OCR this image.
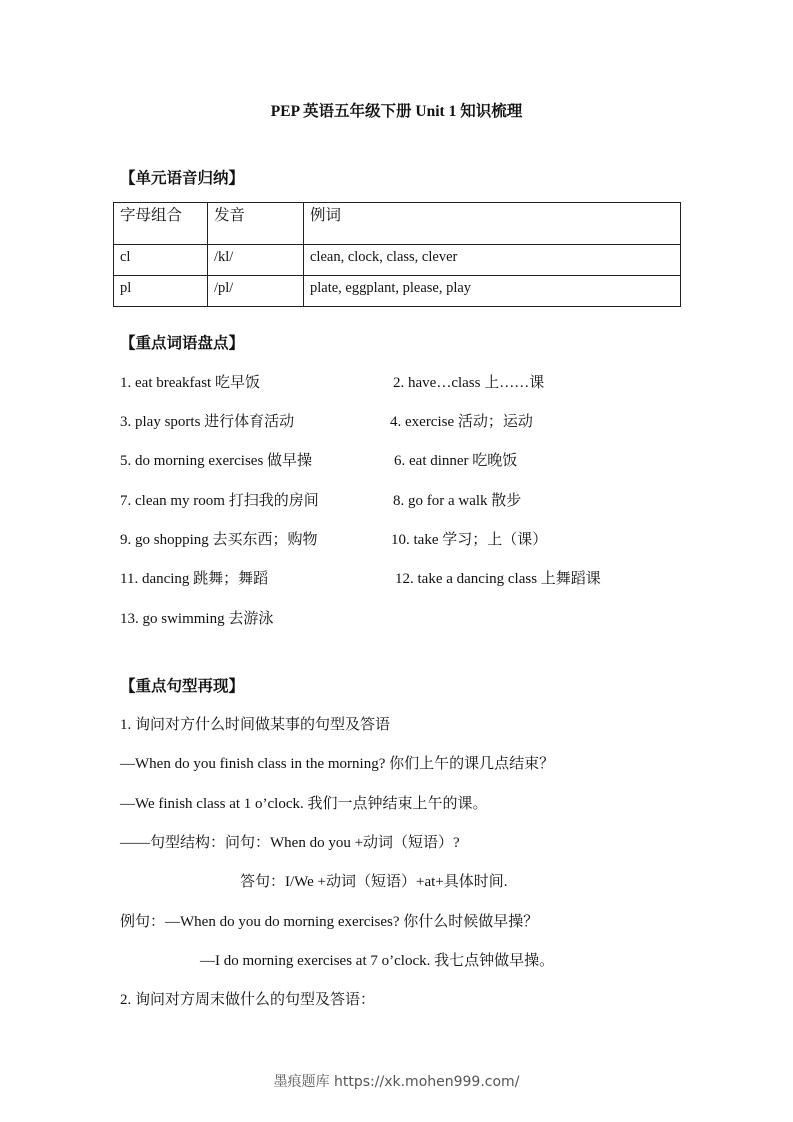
PEP 英语五年级下册 Unit 1 知识梳理
【单元语音归纳】
字母组合	发音	例词
cl	/kl/	clean, clock, class, clever
pl	/pl/	plate, eggplant, please, play
【重点词语盘点】
1. eat breakfast 吃早饭	2. have…class 上……课
3. play sports 进行体育活动	4. exercise 活动；运动
5. do morning exercises 做早操	6. eat dinner 吃晚饭
7. clean my room 打扫我的房间	8. go for a walk 散步
9. go shopping 去买东西；购物	10. take 学习；上（课）
11. dancing 跳舞；舞蹈	12. take a dancing class 上舞蹈课
13. go swimming 去游泳
【重点句型再现】
1. 询问对方什么时间做某事的句型及答语
—When do you finish class in the morning? 你们上午的课几点结束？
—We finish class at 1 o’clock. 我们一点钟结束上午的课。
——句型结构：问句：When do you +动词（短语）?
答句：I/We +动词（短语）+at+具体时间.
例句：—When do you do morning exercises? 你什么时候做早操？
—I do morning exercises at 7 o’clock. 我七点钟做早操。
2. 询问对方周末做什么的句型及答语：
墨痕题库 https://xk.mohen999.com/
